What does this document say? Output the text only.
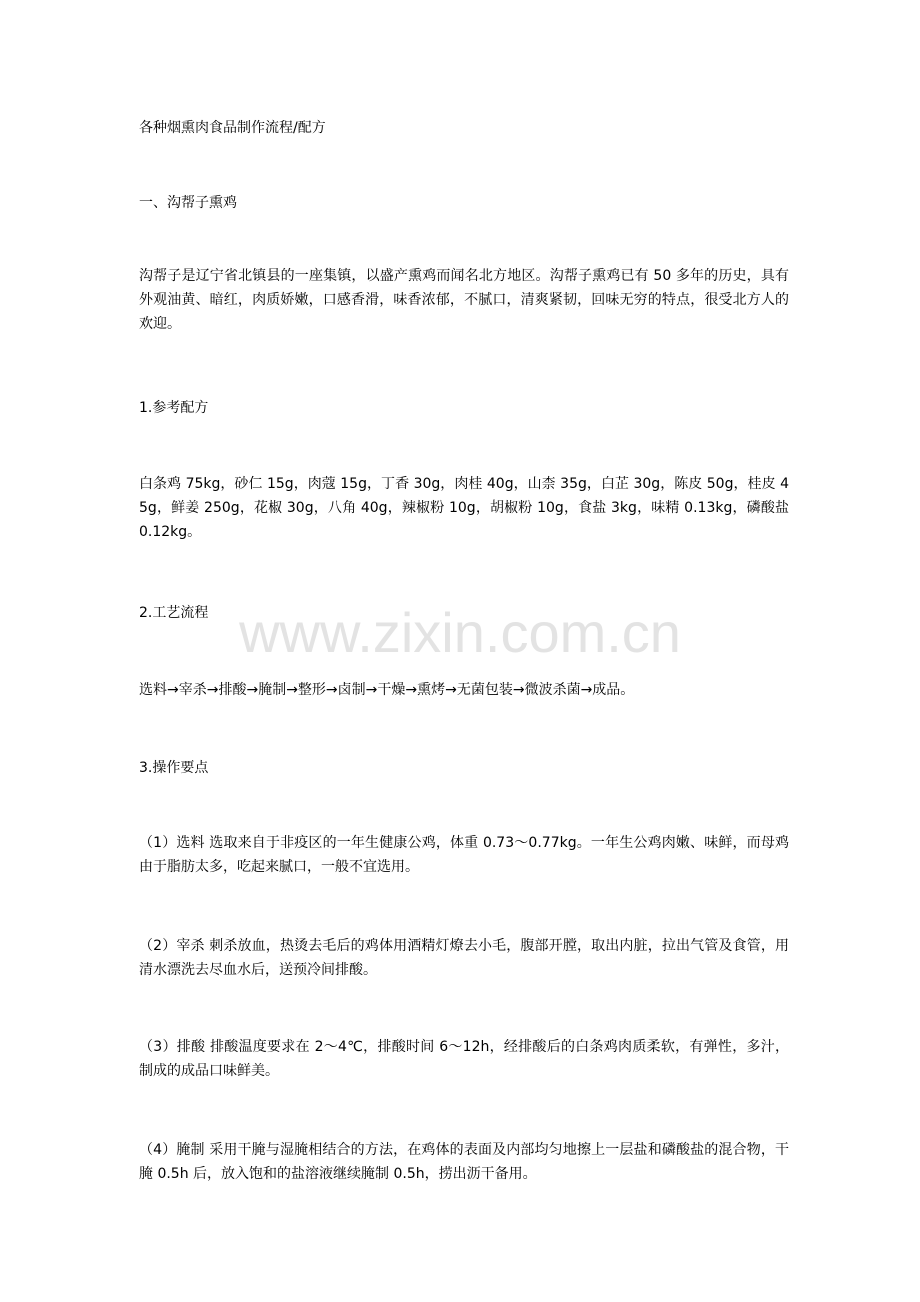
各种烟熏肉食品制作流程/配方

一、沟帮子熏鸡

沟帮子是辽宁省北镇县的一座集镇，以盛产熏鸡而闻名北方地区。沟帮子熏鸡已有 50 多年的历史，具有外观油黄、暗红，肉质娇嫩，口感香滑，味香浓郁，不腻口，清爽紧韧，回味无穷的特点，很受北方人的欢迎。

1.参考配方

白条鸡 75kg，砂仁 15g，肉蔻 15g，丁香 30g，肉桂 40g，山柰 35g，白芷 30g，陈皮 50g，桂皮 45g，鲜姜 250g，花椒 30g，八角 40g，辣椒粉 10g，胡椒粉 10g，食盐 3kg，味精 0.13kg，磷酸盐 0.12kg。

2.工艺流程

选料→宰杀→排酸→腌制→整形→卤制→干燥→熏烤→无菌包装→微波杀菌→成品。

3.操作要点

（1）选料 选取来自于非疫区的一年生健康公鸡，体重 0.73～0.77kg。一年生公鸡肉嫩、味鲜，而母鸡由于脂肪太多，吃起来腻口，一般不宜选用。

（2）宰杀 刺杀放血，热烫去毛后的鸡体用酒精灯燎去小毛，腹部开膛，取出内脏，拉出气管及食管，用清水漂洗去尽血水后，送预冷间排酸。

（3）排酸 排酸温度要求在 2～4℃，排酸时间 6～12h，经排酸后的白条鸡肉质柔软，有弹性，多汁，制成的成品口味鲜美。

（4）腌制 采用干腌与湿腌相结合的方法，在鸡体的表面及内部均匀地擦上一层盐和磷酸盐的混合物，干腌 0.5h 后，放入饱和的盐溶液继续腌制 0.5h，捞出沥干备用。

www.zixin.com.cn
